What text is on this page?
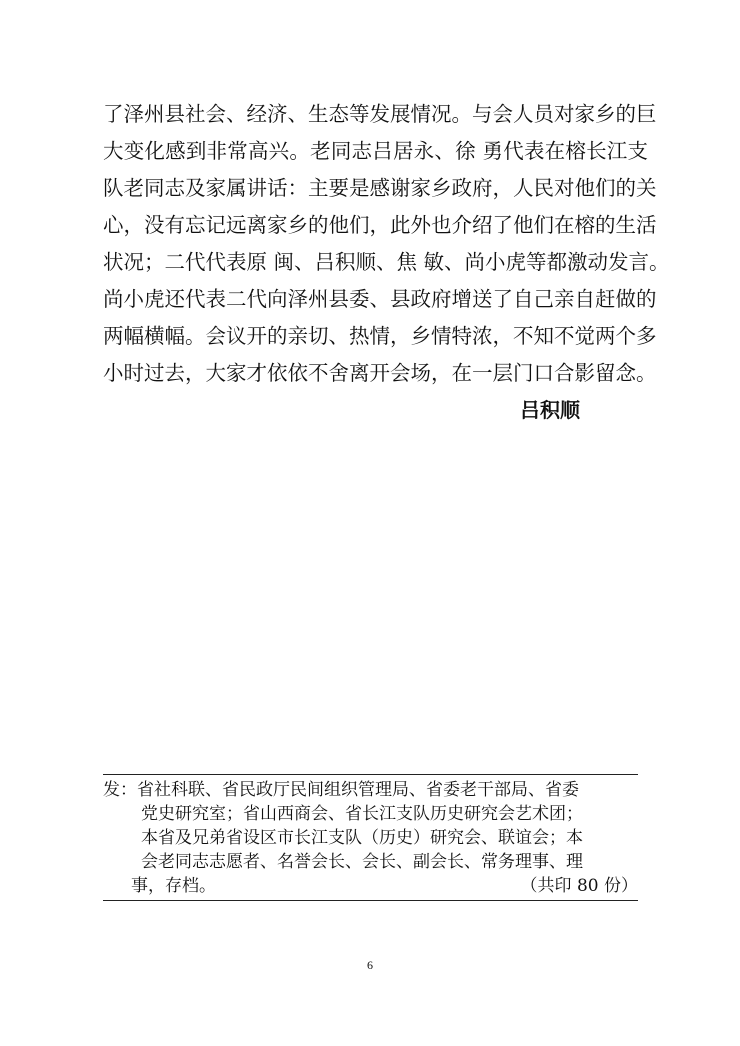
了泽州县社会、经济、生态等发展情况。与会人员对家乡的巨
大变化感到非常高兴。老同志吕居永、徐 勇代表在榕长江支
队老同志及家属讲话：主要是感谢家乡政府，人民对他们的关
心，没有忘记远离家乡的他们，此外也介绍了他们在榕的生活
状况；二代代表原 闽、吕积顺、焦 敏、尚小虎等都激动发言。
尚小虎还代表二代向泽州县委、县政府增送了自己亲自赶做的
两幅横幅。会议开的亲切、热情，乡情特浓，不知不觉两个多
小时过去，大家才依依不舍离开会场，在一层门口合影留念。
吕积顺
发：省社科联、省民政厅民间组织管理局、省委老干部局、省委
党史研究室；省山西商会、省长江支队历史研究会艺术团；
本省及兄弟省设区市长江支队（历史）研究会、联谊会；本
会老同志志愿者、名誉会长、会长、副会长、常务理事、理
事，存档。	（共印 80 份）
6
